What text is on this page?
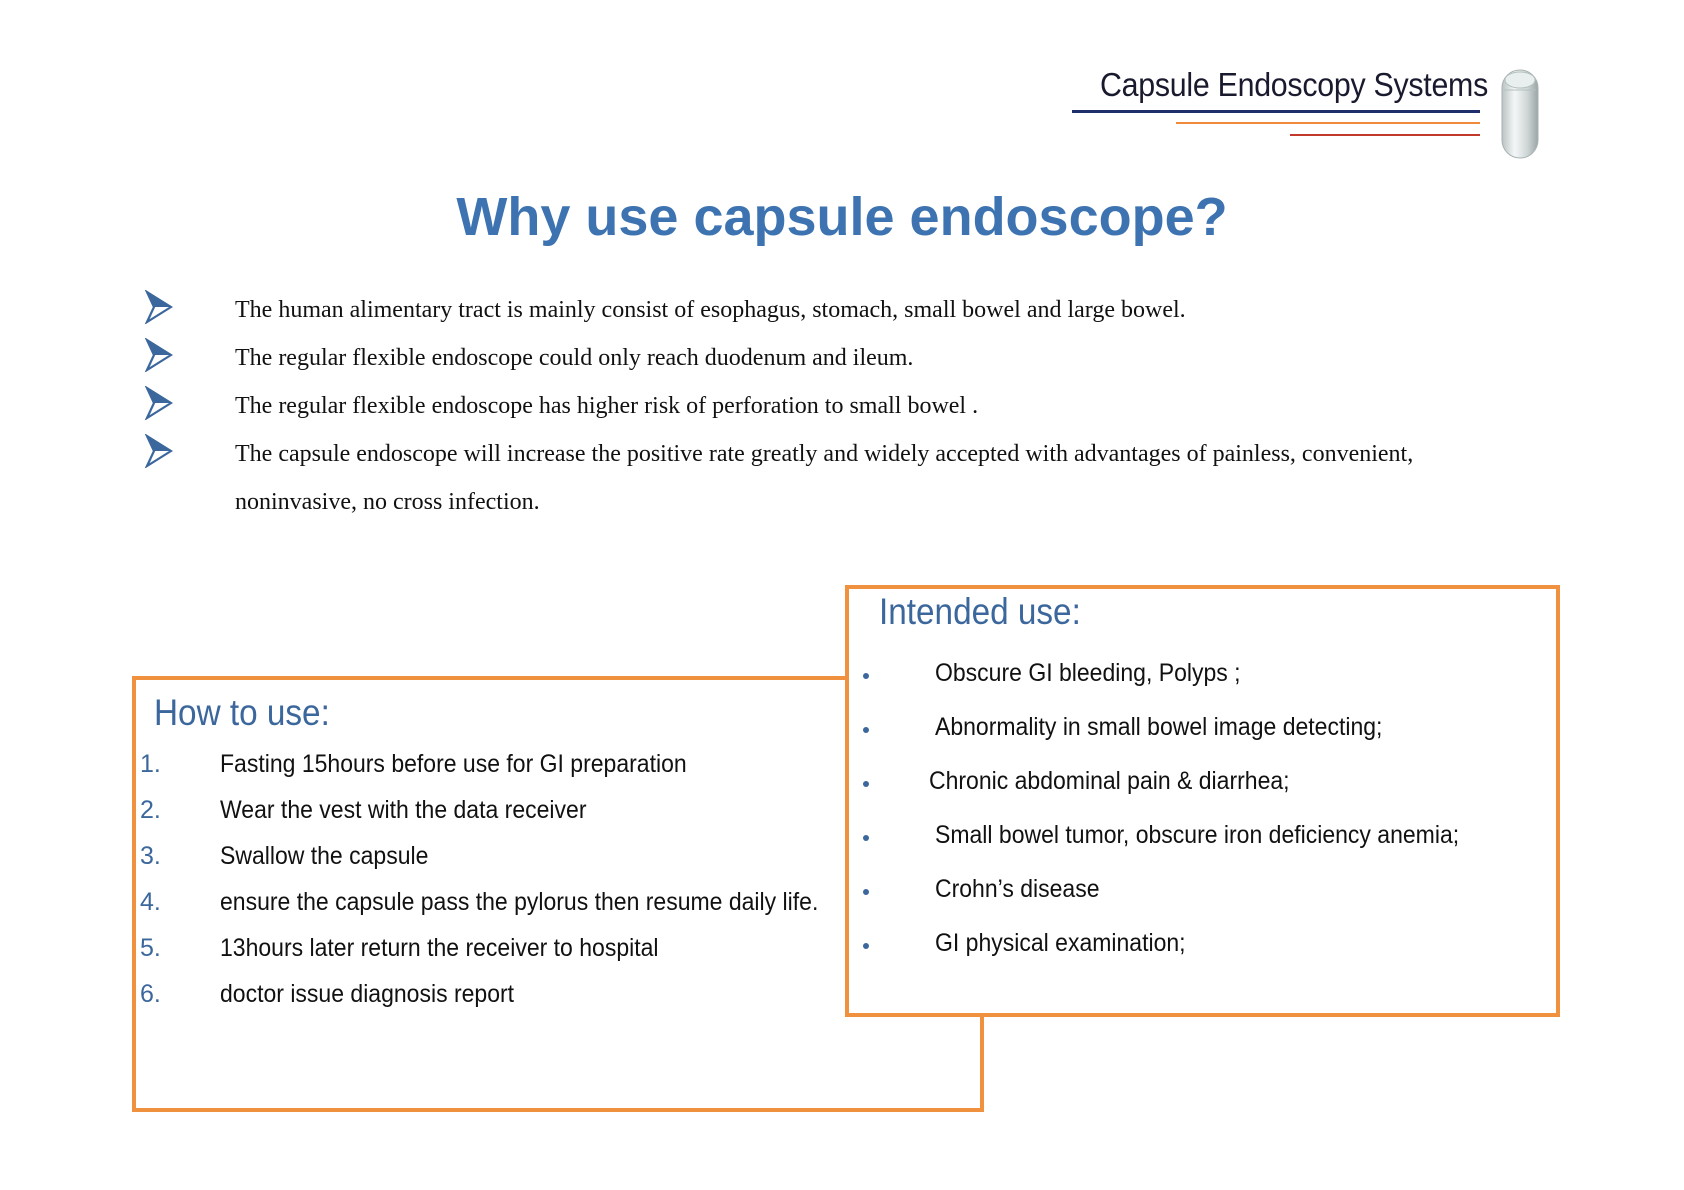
Capsule Endoscopy Systems
Why use capsule endoscope?
The human alimentary tract is mainly consist of esophagus, stomach, small bowel and large bowel.
The regular flexible endoscope could only reach duodenum and ileum.
The regular flexible endoscope has higher risk of perforation to small bowel .
The capsule endoscope will increase the positive rate greatly and widely accepted with advantages of painless, convenient, noninvasive, no cross infection.
How to use:
1. Fasting 15hours before use for GI preparation
2. Wear the vest with the data receiver
3. Swallow the capsule
4. ensure the capsule pass the pylorus then resume daily life.
5. 13hours later return the receiver to hospital
6. doctor issue diagnosis report
Intended use:
Obscure GI bleeding, Polyps ;
Abnormality in small bowel image detecting;
Chronic abdominal pain & diarrhea;
Small bowel tumor, obscure iron deficiency anemia;
Crohn’s disease
GI physical examination;
